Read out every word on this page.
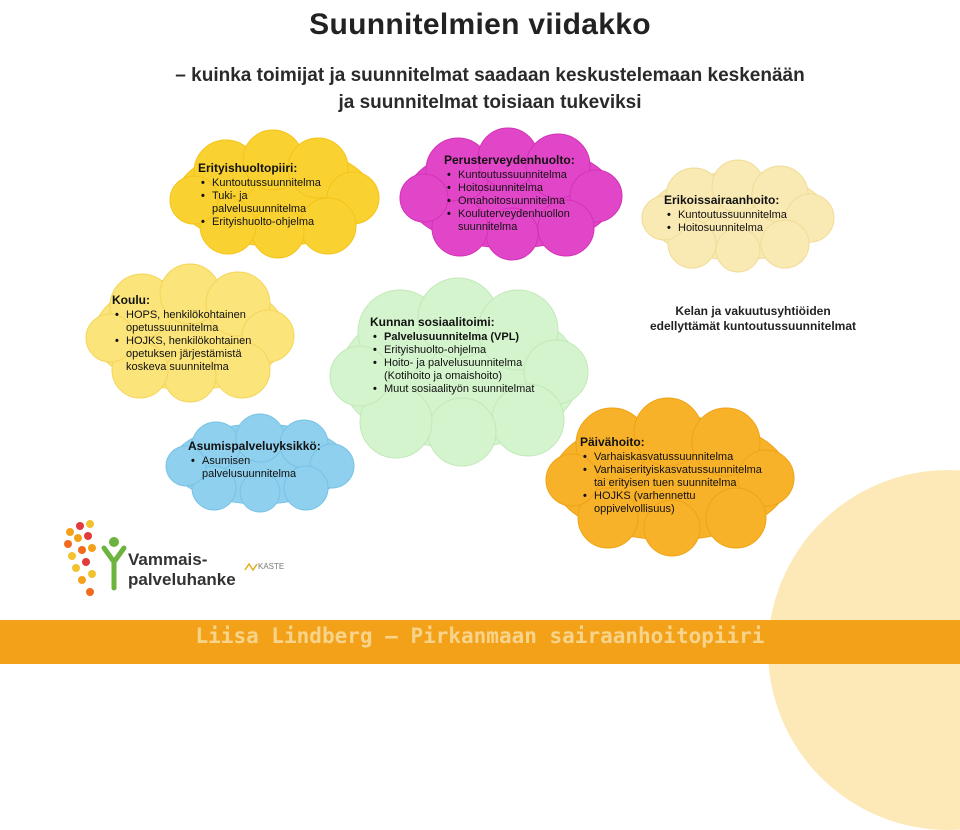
Suunnitelmien viidakko
– kuinka toimijat ja suunnitelmat saadaan keskustelemaan keskenään
ja suunnitelmat toisiaan tukeviksi
Erityishuoltopiiri:
• Kuntoutussuunnitelma
• Tuki- ja
palvelusuunnitelma
• Erityishuolto-ohjelma
Perusterveydenhuolto:
• Kuntoutussuunnitelma
• Hoitosuunnitelma
• Omahoitosuunnitelma
• Kouluterveydenhuollon
suunnitelma
Erikoissairaanhoito:
• Kuntoutussuunnitelma
• Hoitosuunnitelma
Koulu:
• HOPS, henkilökohtainen
opetussuunnitelma
• HOJKS, henkilökohtainen
opetuksen järjestämistä
koskeva suunnitelma
Kunnan sosiaalitoimi:
• Palvelusuunnitelma (VPL)
• Erityishuolto-ohjelma
• Hoito- ja palvelusuunnitelma
(Kotihoito ja omaishoito)
• Muut sosiaalityön suunnitelmat
Asumispalveluyksikkö:
• Asumisen
palvelusuunnitelma
Päivähoito:
• Varhaiskasvatussuunnitelma
• Varhaiserityiskasvatussuunnitelma
tai erityisen tuen suunnitelma
• HOJKS (varhennettu
oppivelvollisuus)
Kelan ja vakuutusyhtiöiden
edellyttämät kuntoutussuunnitelmat
Vammais-
palveluhanke
KASTE
Liisa Lindberg – Pirkanmaan sairaanhoitopiiri
